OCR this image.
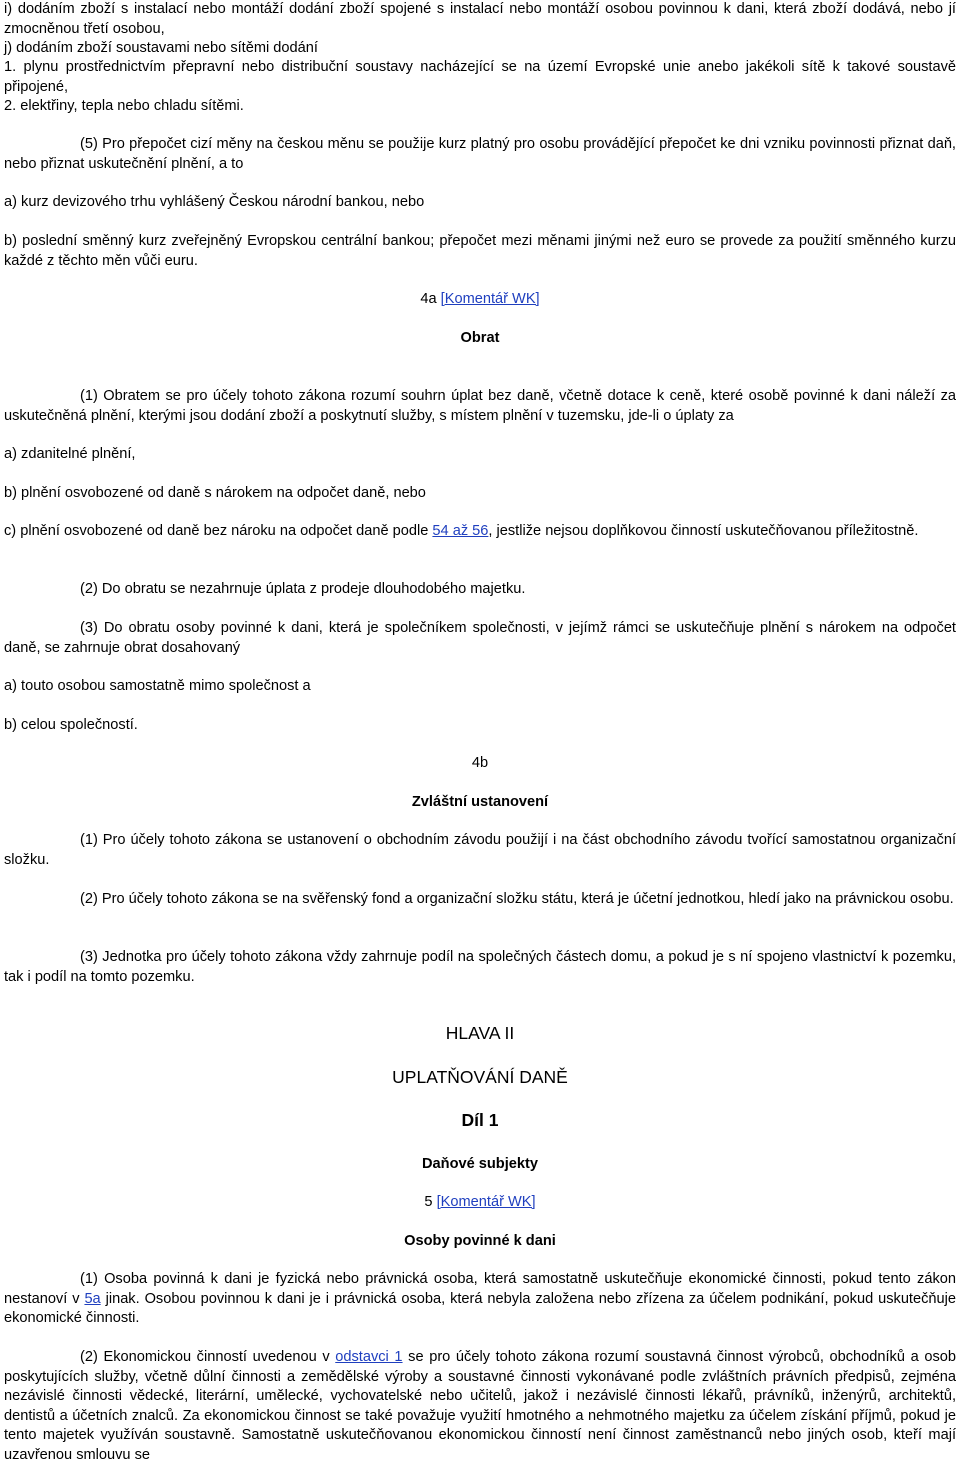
i) dodáním zboží s instalací nebo montáží dodání zboží spojené s instalací nebo montáží osobou povinnou k dani, která zboží dodává, nebo jí zmocněnou třetí osobou,

j) dodáním zboží soustavami nebo sítěmi dodání

1. plynu prostřednictvím přepravní nebo distribuční soustavy nacházející se na území Evropské unie anebo jakékoli sítě k takové soustavě připojené,

2. elektřiny, tepla nebo chladu sítěmi.

(5) Pro přepočet cizí měny na českou měnu se použije kurz platný pro osobu provádějící přepočet ke dni vzniku povinnosti přiznat daň, nebo přiznat uskutečnění plnění, a to

a) kurz devizového trhu vyhlášený Českou národní bankou, nebo

b) poslední směnný kurz zveřejněný Evropskou centrální bankou; přepočet mezi měnami jinými než euro se provede za použití směnného kurzu každé z těchto měn vůči euru.

4a [Komentář WK]

Obrat

(1) Obratem se pro účely tohoto zákona rozumí souhrn úplat bez daně, včetně dotace k ceně, které osobě povinné k dani náleží za uskutečněná plnění, kterými jsou dodání zboží a poskytnutí služby, s místem plnění v tuzemsku, jde-li o úplaty za

a) zdanitelné plnění,

b) plnění osvobozené od daně s nárokem na odpočet daně, nebo

c) plnění osvobozené od daně bez nároku na odpočet daně podle 54 až 56, jestliže nejsou doplňkovou činností uskutečňovanou příležitostně.

(2) Do obratu se nezahrnuje úplata z prodeje dlouhodobého majetku.

(3) Do obratu osoby povinné k dani, která je společníkem společnosti, v jejímž rámci se uskutečňuje plnění s nárokem na odpočet daně, se zahrnuje obrat dosahovaný

a) touto osobou samostatně mimo společnost a

b) celou společností.

4b

Zvláštní ustanovení

(1) Pro účely tohoto zákona se ustanovení o obchodním závodu použijí i na část obchodního závodu tvořící samostatnou organizační složku.

(2) Pro účely tohoto zákona se na svěřenský fond a organizační složku státu, která je účetní jednotkou, hledí jako na právnickou osobu.

(3) Jednotka pro účely tohoto zákona vždy zahrnuje podíl na společných částech domu, a pokud je s ní spojeno vlastnictví k pozemku, tak i podíl na tomto pozemku.

HLAVA II

UPLATŇOVÁNÍ DANĚ

Díl 1

Daňové subjekty

5 [Komentář WK]

Osoby povinné k dani

(1) Osoba povinná k dani je fyzická nebo právnická osoba, která samostatně uskutečňuje ekonomické činnosti, pokud tento zákon nestanoví v 5a jinak. Osobou povinnou k dani je i právnická osoba, která nebyla založena nebo zřízena za účelem podnikání, pokud uskutečňuje ekonomické činnosti.

(2) Ekonomickou činností uvedenou v odstavci 1 se pro účely tohoto zákona rozumí soustavná činnost výrobců, obchodníků a osob poskytujících služby, včetně důlní činnosti a zemědělské výroby a soustavné činnosti vykonávané podle zvláštních právních předpisů, zejména nezávislé činnosti vědecké, literární, umělecké, vychovatelské nebo učitelů, jakož i nezávislé činnosti lékařů, právníků, inženýrů, architektů, dentistů a účetních znalců. Za ekonomickou činnost se také považuje využití hmotného a nehmotného majetku za účelem získání příjmů, pokud je tento majetek využíván soustavně. Samostatně uskutečňovanou ekonomickou činností není činnost zaměstnanců nebo jiných osob, kteří mají uzavřenou smlouvu se
